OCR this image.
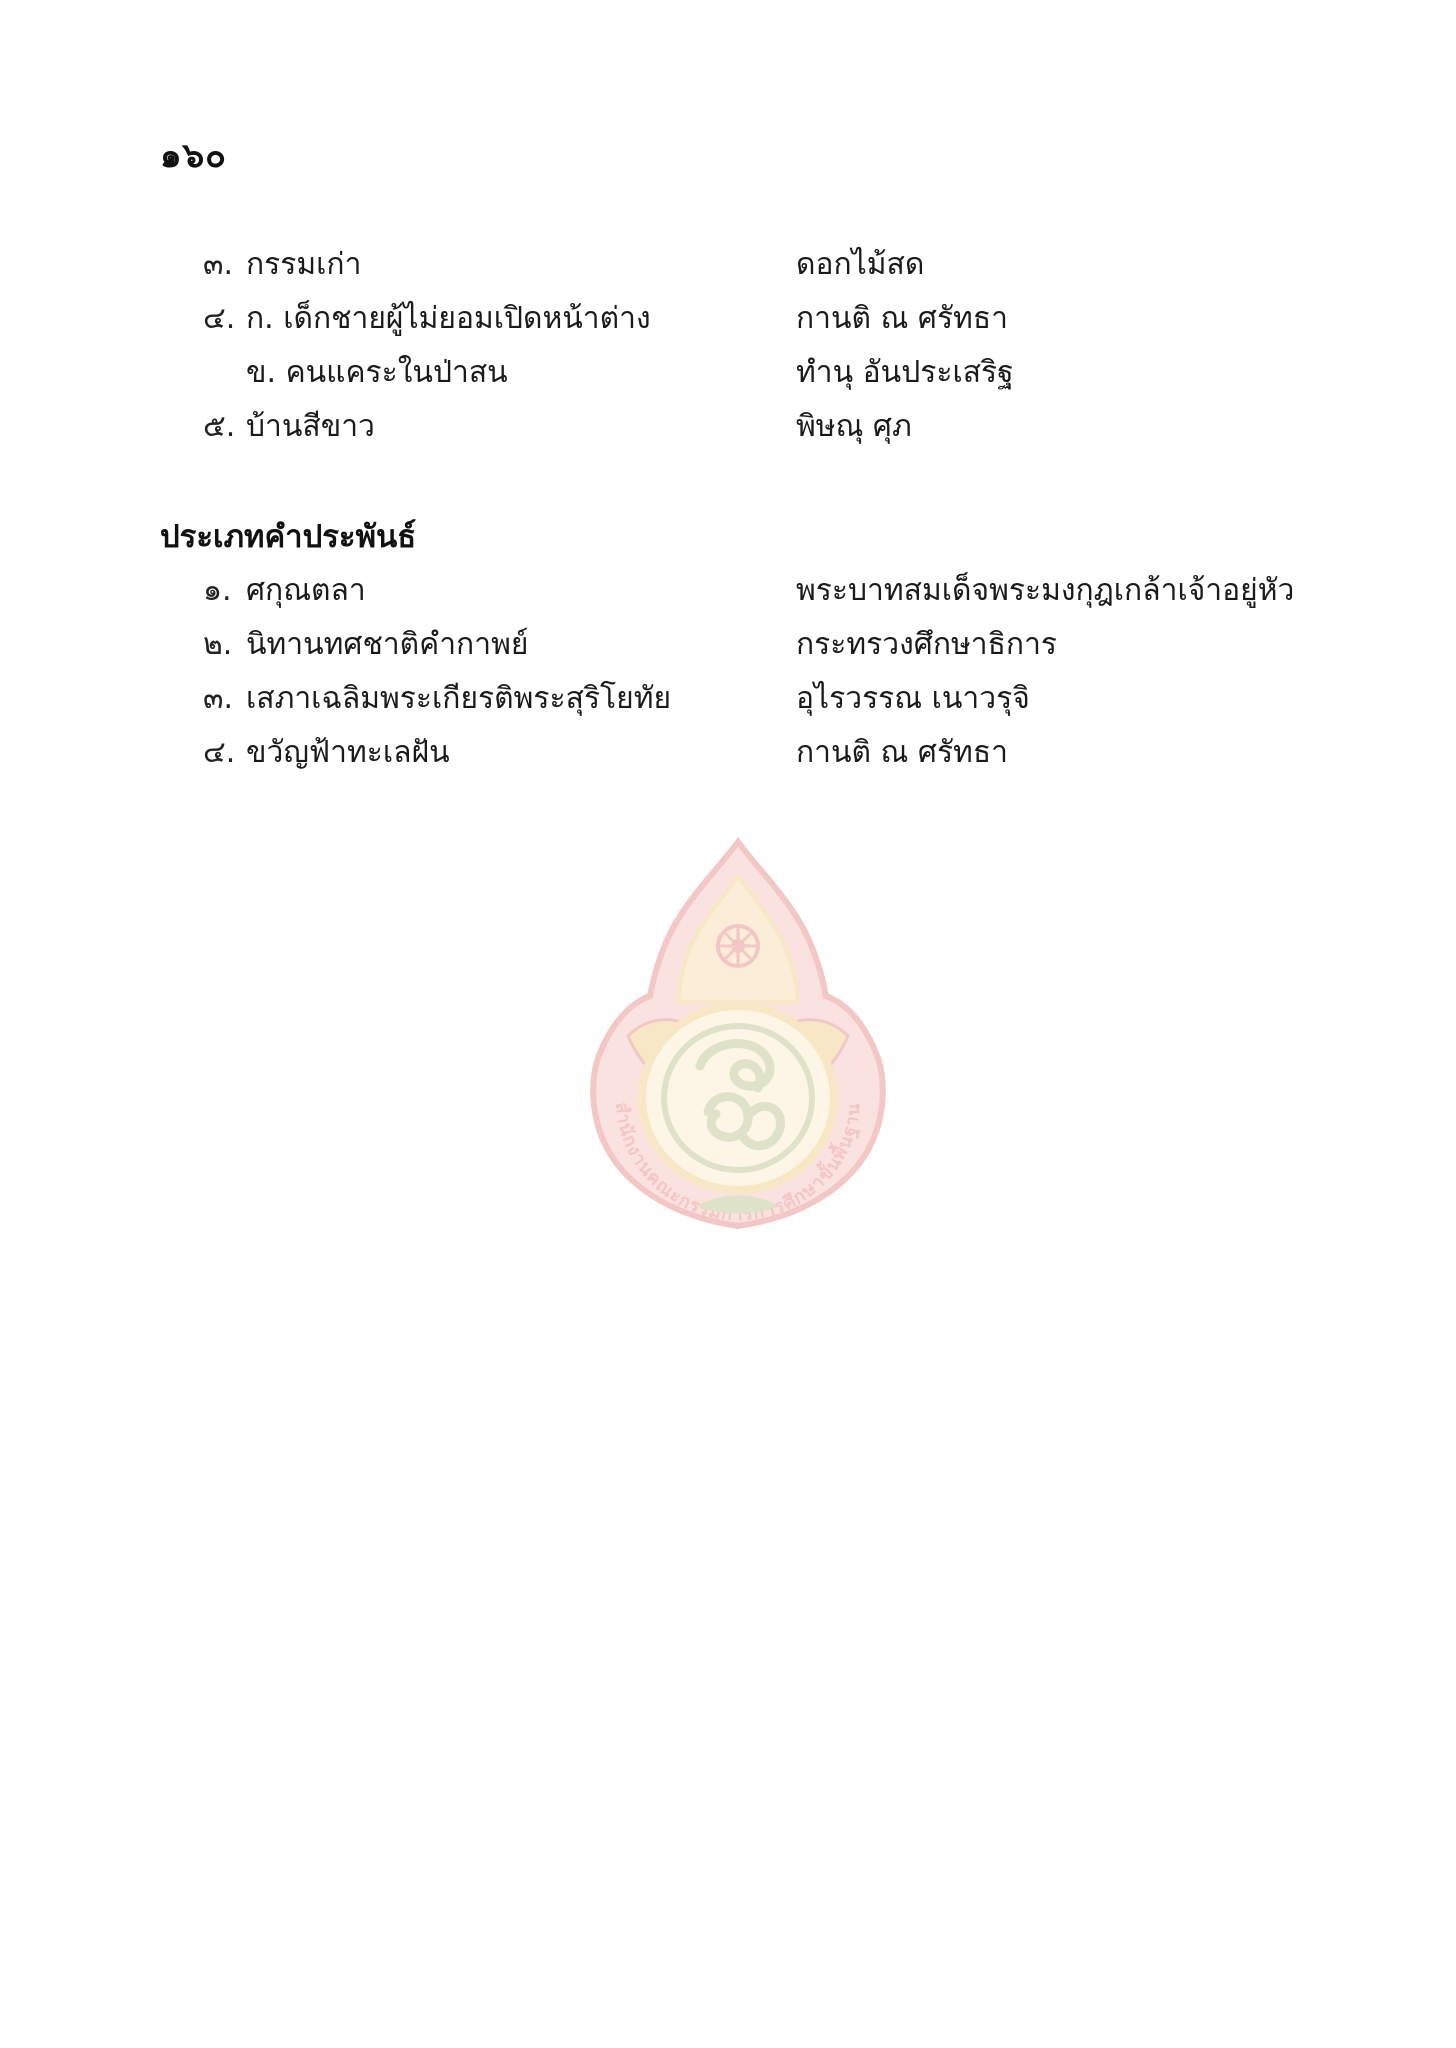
๑๖๐
๓. กรรมเก่า	ดอกไม้สด
๔. ก. เด็กชายผู้ไม่ยอมเปิดหน้าต่าง	กานติ ณ ศรัทธา
ข. คนแคระในป่าสน	ทำนุ อันประเสริฐ
๕. บ้านสีขาว	พิษณุ ศุภ
ประเภทคำประพันธ์
๑. ศกุณตลา	พระบาทสมเด็จพระมงกุฎเกล้าเจ้าอยู่หัว
๒. นิทานทศชาติคำกาพย์	กระทรวงศึกษาธิการ
๓. เสภาเฉลิมพระเกียรติพระสุริโยทัย	อุไรวรรณ เนาวรุจิ
๔. ขวัญฟ้าทะเลฝัน	กานติ ณ ศรัทธา
สำนักงานคณะกรรมการการศึกษาขั้นพื้นฐาน
